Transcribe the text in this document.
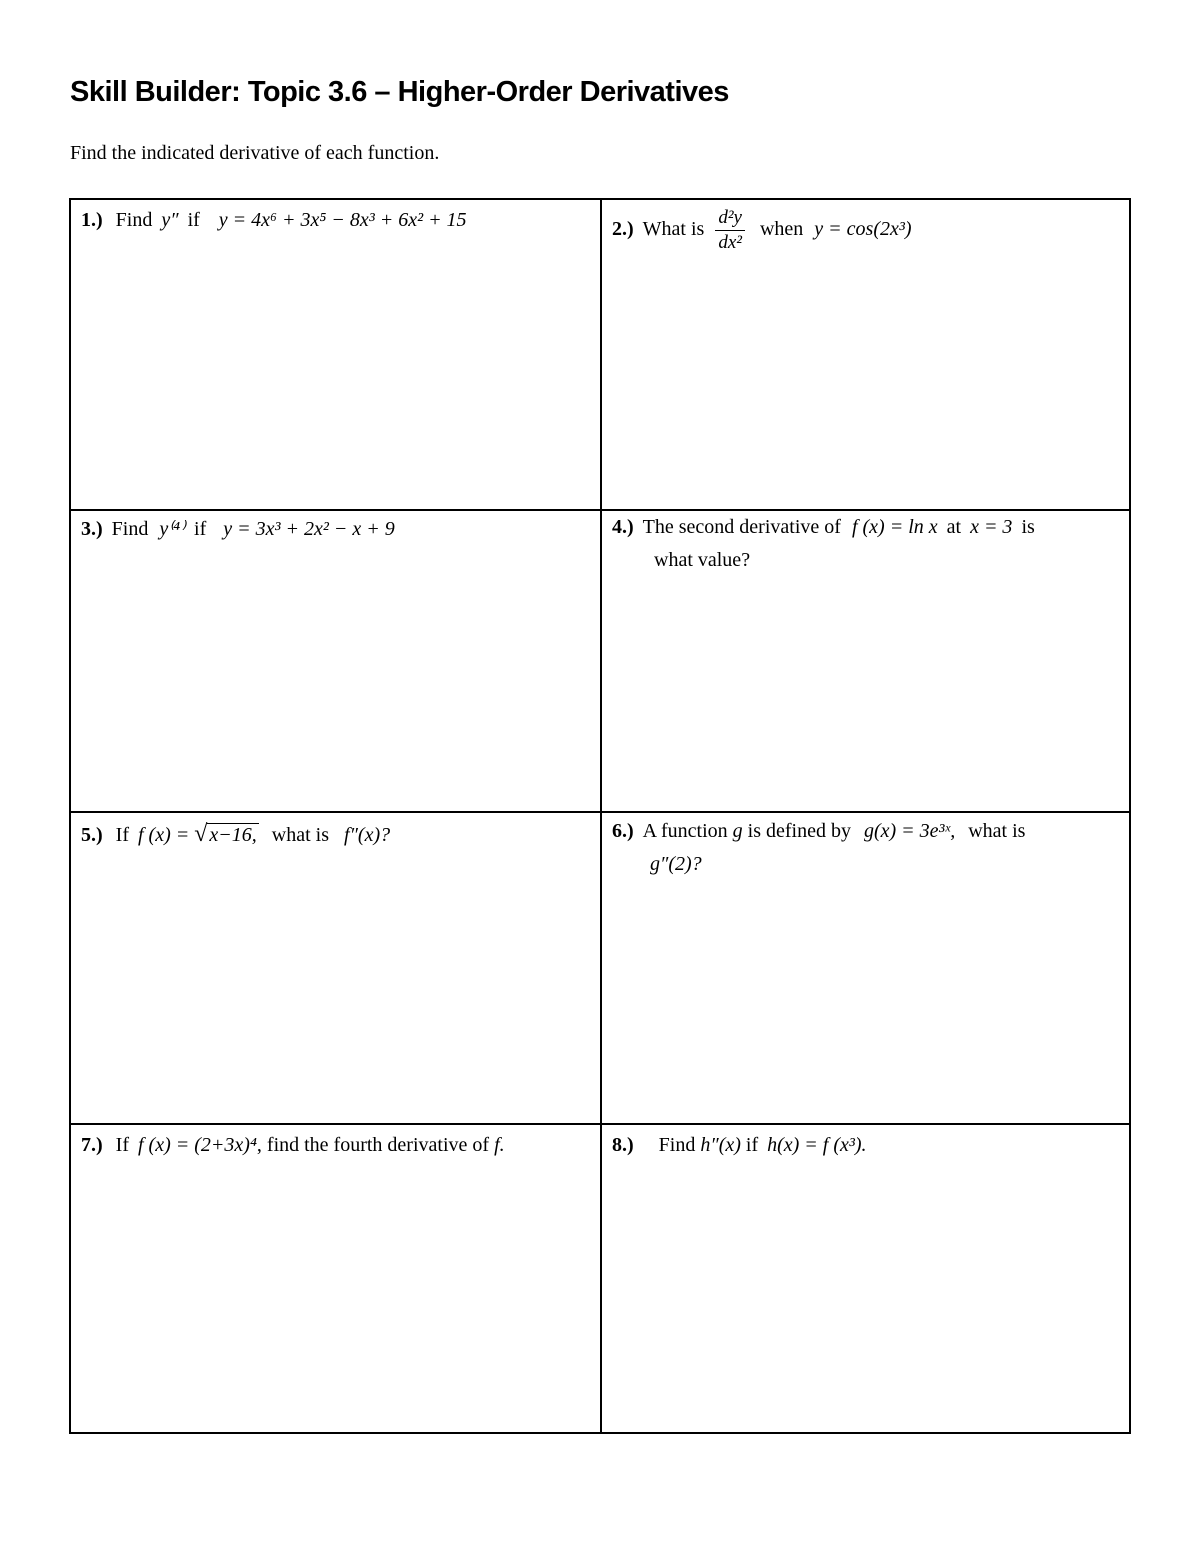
Skill Builder: Topic 3.6 – Higher-Order Derivatives
Find the indicated derivative of each function.
1.) Find y″ if y = 4x⁶ + 3x⁵ − 8x³ + 6x² + 15	2.) What is $\frac{\text{d²y}}{\text{dx²}}$ when y = cos(2x³)
3.) Find y⁽⁴⁾ if y = 3x³ + 2x² − x + 9	4.) The second derivative of f (x) = ln x at x = 3 is
what value?
5.) If f (x) = √ x−16, what is f″(x)?	6.) A function g is defined by g(x) = 3e³ˣ, what is
g″(2)?
7.) If f (x) = (2+3x)⁴, find the fourth derivative of f.	8.) Find h″(x) if h(x) = f (x³).
